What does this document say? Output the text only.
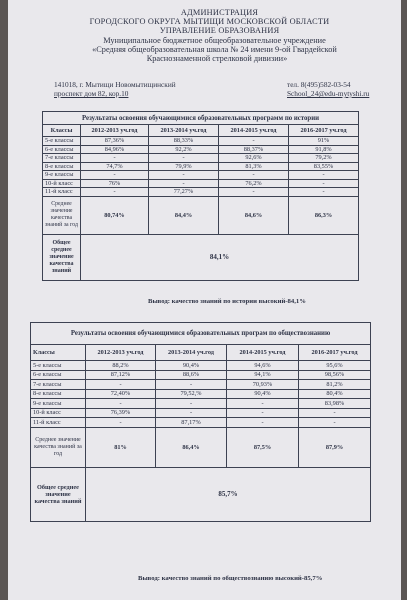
АДМИНИСТРАЦИЯ
ГОРОДСКОГО ОКРУГА МЫТИЩИ МОСКОВСКОЙ ОБЛАСТИ
УПРАВЛЕНИЕ ОБРАЗОВАНИЯ
Муниципальное бюджетное общеобразовательное учреждение
«Средняя общеобразовательная школа № 24 имени 9-ой Гвардейской
Краснознаменной стрелковой дивизии»
141018, г. Мытищи Новомытищинский
проспект дом 82, кор.10
тел. 8(495)582-03-54
School_24@edu-mytyshi.ru
Результаты освоения обучающимися образовательных программ по истории				
Классы	2012-2013 уч.год	2013-2014 уч.год	2014-2015 уч.год	2016-2017 уч.год
5-е классы	87,36%	88,33%	-	91%
6-е классы	84,96%	92,2%	88,37%	91,8%
7-е классы	-	-	92,6%	79,2%
8-е классы	74,7%	79,9%	81,3%	83,55%
9-е классы	-	-	-	-
10-й класс	76%	-	76,2%	-
11-й класс	-	77,27%	-	-
Среднее значение качества знаний за год	80,74%	84,4%	84,6%	86,3%
Общее среднее значение качества знаний	84,1%			
Вывод: качество знаний по истории высокий-84,1%
Результаты освоения обучающимися образовательных програм по обществознанию				
Классы	2012-2013 уч.год	2013-2014 уч.год	2014-2015 уч.год	2016-2017 уч.год
5-е классы	88,2%	90,4%	94,6%	95,6%
6-е классы	87,12%	88,6%	94,1%	98,56%
7-е классы	-	-	70,93%	81,2%
8-е классы	72,40%	79,52,%	90,4%	80,4%
9-е классы	-	-	-	83,98%
10-й класс	76,39%	-	-	-
11-й класс	-	87,17%	-	-
Среднее значение качества знаний за год	81%	86,4%	87,5%	87,9%
Общее среднее значение качества знаний	85,7%			
Вывод: качество знаний по обществознанию высокий-85,7%
